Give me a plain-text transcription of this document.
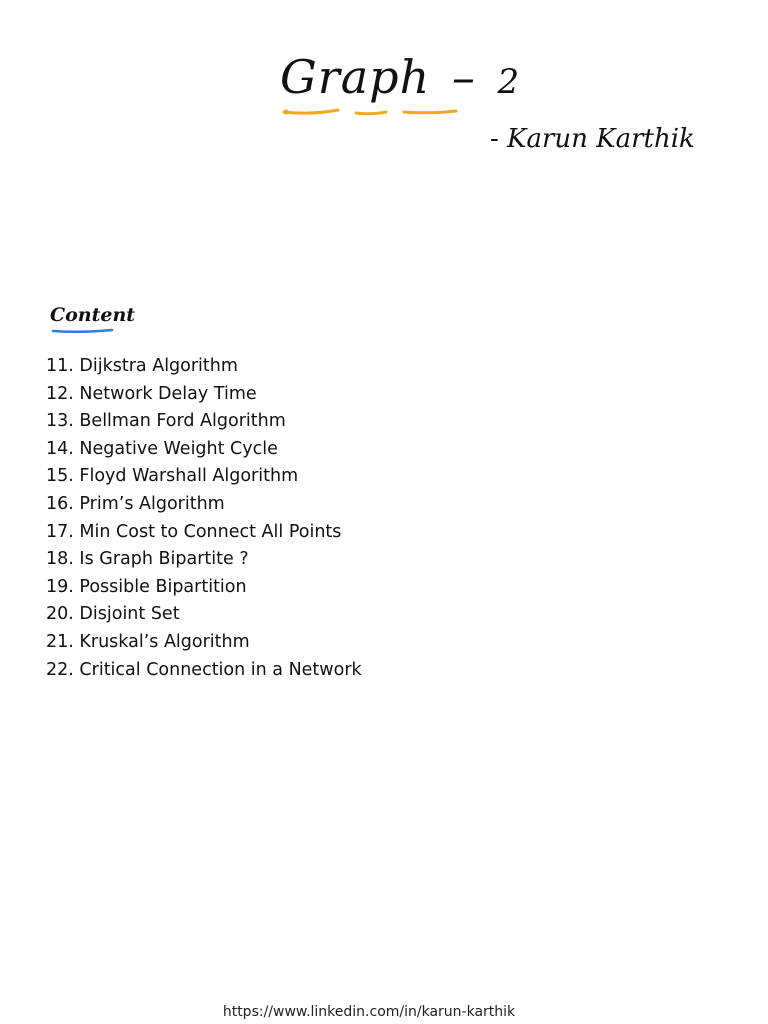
Graph – 2
- Karun Karthik
Content
11. Dijkstra Algorithm
12. Network Delay Time
13. Bellman Ford Algorithm
14. Negative Weight Cycle
15. Floyd Warshall Algorithm
16. Prim’s Algorithm
17. Min Cost to Connect All Points
18. Is Graph Bipartite ?
19. Possible Bipartition
20. Disjoint Set
21. Kruskal’s Algorithm
22. Critical Connection in a Network
https://www.linkedin.com/in/karun-karthik
